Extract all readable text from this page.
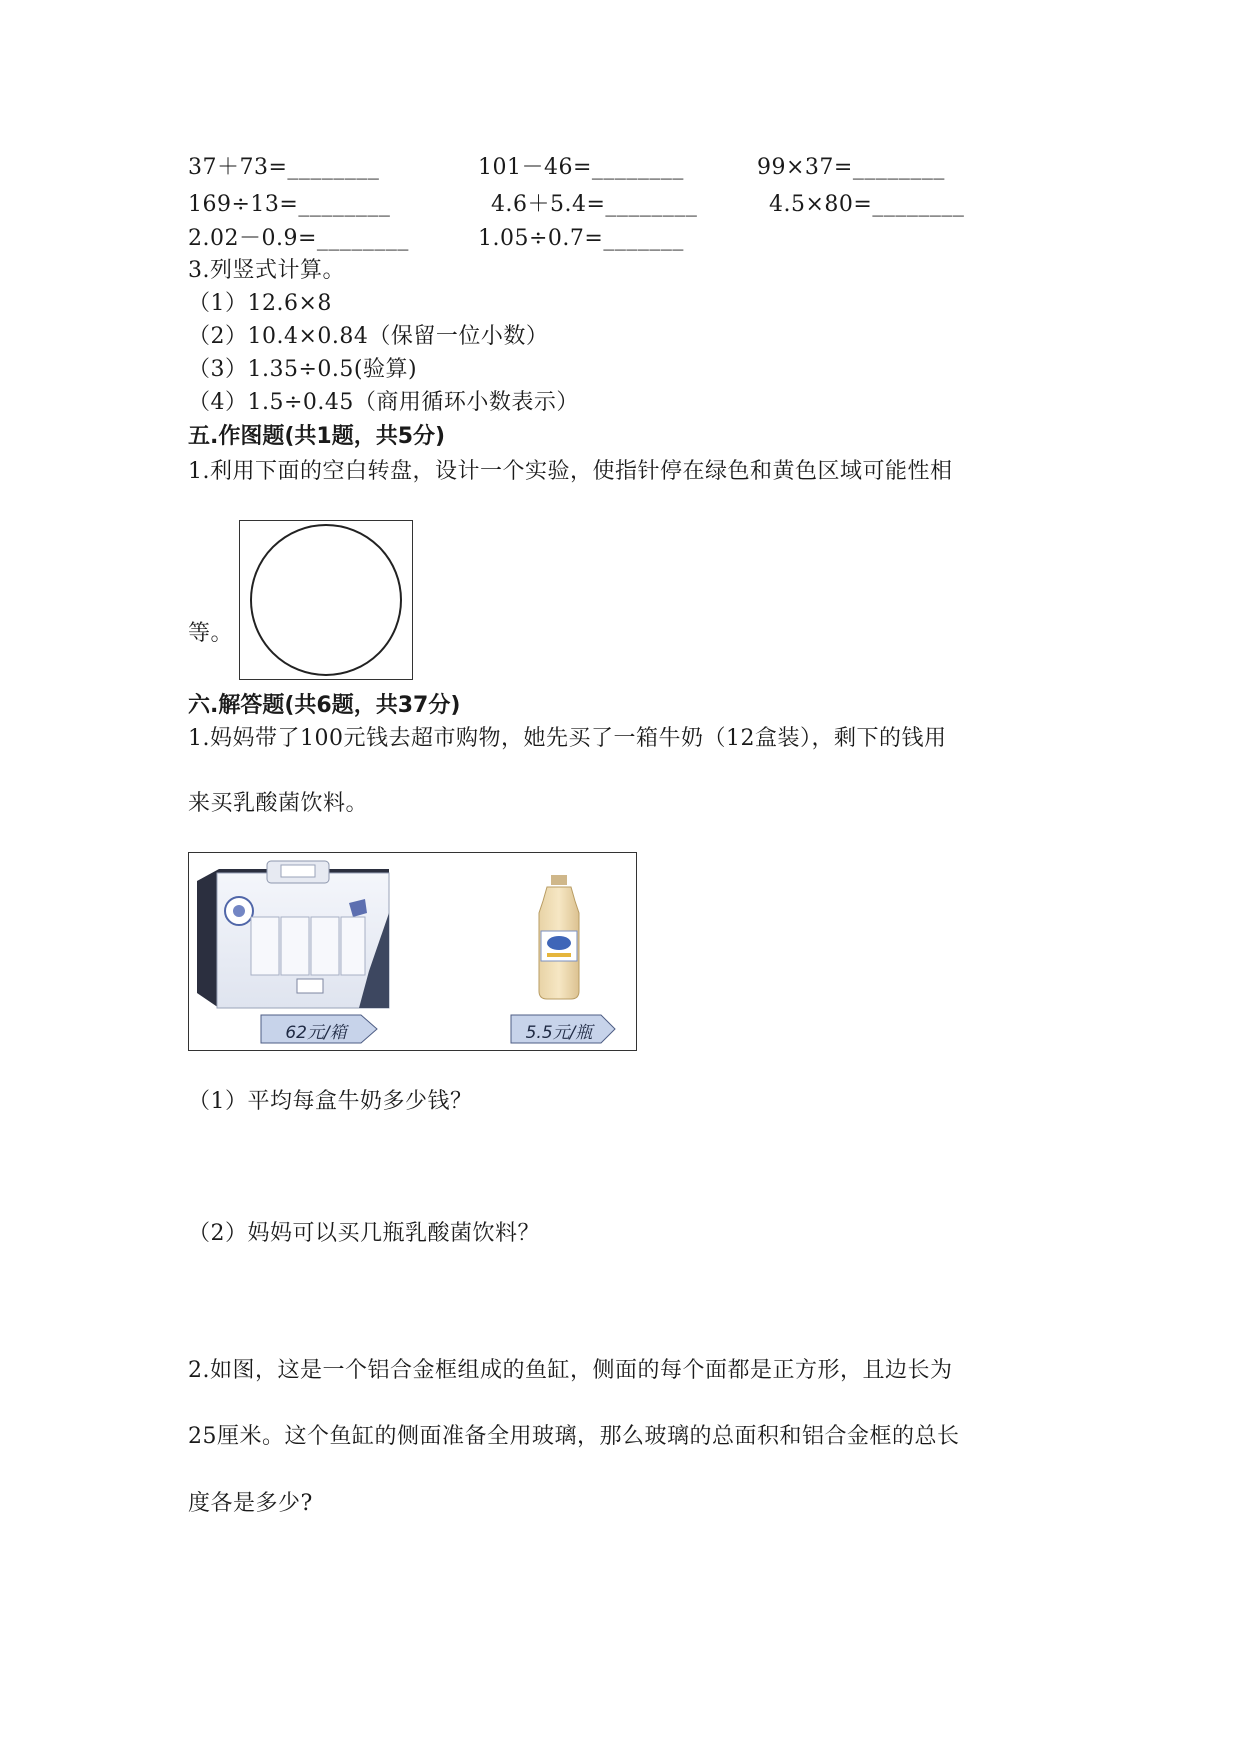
37＋73=________	101－46=________	99×37=________
169÷13=________	4.6＋5.4=________	4.5×80=________
2.02－0.9=________	1.05÷0.7=_______
3.列竖式计算。
（1）12.6×8
（2）10.4×0.84（保留一位小数）
（3）1.35÷0.5(验算)
（4）1.5÷0.45（商用循环小数表示）
五.作图题(共1题，共5分)
1.利用下面的空白转盘，设计一个实验，使指针停在绿色和黄色区域可能性相
等。
六.解答题(共6题，共37分)
1.妈妈带了100元钱去超市购物，她先买了一箱牛奶（12盒装），剩下的钱用
来买乳酸菌饮料。
62元/箱	5.5元/瓶
（1）平均每盒牛奶多少钱？
（2）妈妈可以买几瓶乳酸菌饮料？
2.如图，这是一个铝合金框组成的鱼缸，侧面的每个面都是正方形，且边长为
25厘米。这个鱼缸的侧面准备全用玻璃，那么玻璃的总面积和铝合金框的总长
度各是多少?
